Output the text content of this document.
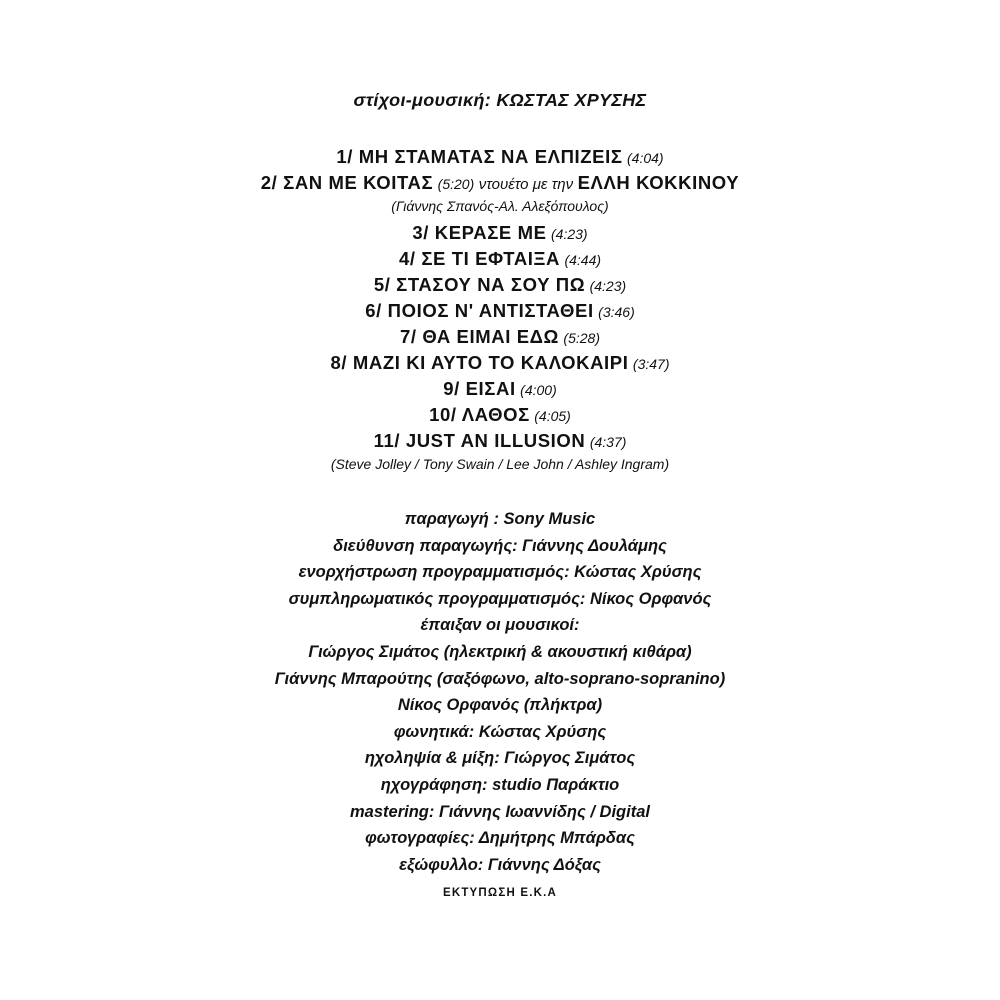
στίχοι-μουσική: ΚΩΣΤΑΣ ΧΡΥΣΗΣ
1/ ΜΗ ΣΤΑΜΑΤΑΣ ΝΑ ΕΛΠΙΖΕΙΣ (4:04)
2/ ΣΑΝ ΜΕ ΚΟΙΤΑΣ (5:20) ντουέτο με την ΕΛΛΗ ΚΟΚΚΙΝΟΥ
(Γιάννης Σπανός-Αλ. Αλεξόπουλος)
3/ ΚΕΡΑΣΕ ΜΕ (4:23)
4/ ΣΕ ΤΙ ΕΦΤΑΙΞΑ (4:44)
5/ ΣΤΑΣΟΥ ΝΑ ΣΟΥ ΠΩ (4:23)
6/ ΠΟΙΟΣ Ν' ΑΝΤΙΣΤΑΘΕΙ (3:46)
7/ ΘΑ ΕΙΜΑΙ ΕΔΩ (5:28)
8/ ΜΑΖΙ ΚΙ ΑΥΤΟ ΤΟ ΚΑΛΟΚΑΙΡΙ (3:47)
9/ ΕΙΣΑΙ (4:00)
10/ ΛΑΘΟΣ (4:05)
11/ JUST AN ILLUSION (4:37)
(Steve Jolley / Tony Swain / Lee John / Ashley Ingram)
παραγωγή : Sony Music
διεύθυνση παραγωγής: Γιάννης Δουλάμης
ενορχήστρωση προγραμματισμός: Κώστας Χρύσης
συμπληρωματικός προγραμματισμός: Νίκος Ορφανός
έπαιξαν οι μουσικοί:
Γιώργος Σιμάτος (ηλεκτρική & ακουστική κιθάρα)
Γιάννης Μπαρούτης (σαξόφωνο, alto-soprano-sopranino)
Νίκος Ορφανός (πλήκτρα)
φωνητικά: Κώστας Χρύσης
ηχοληψία & μίξη: Γιώργος Σιμάτος
ηχογράφηση: studio Παράκτιο
mastering: Γιάννης Ιωαννίδης / Digital
φωτογραφίες: Δημήτρης Μπάρδας
εξώφυλλο: Γιάννης Δόξας
ΕΚΤΥΠΩΣΗ Ε.Κ.Α
